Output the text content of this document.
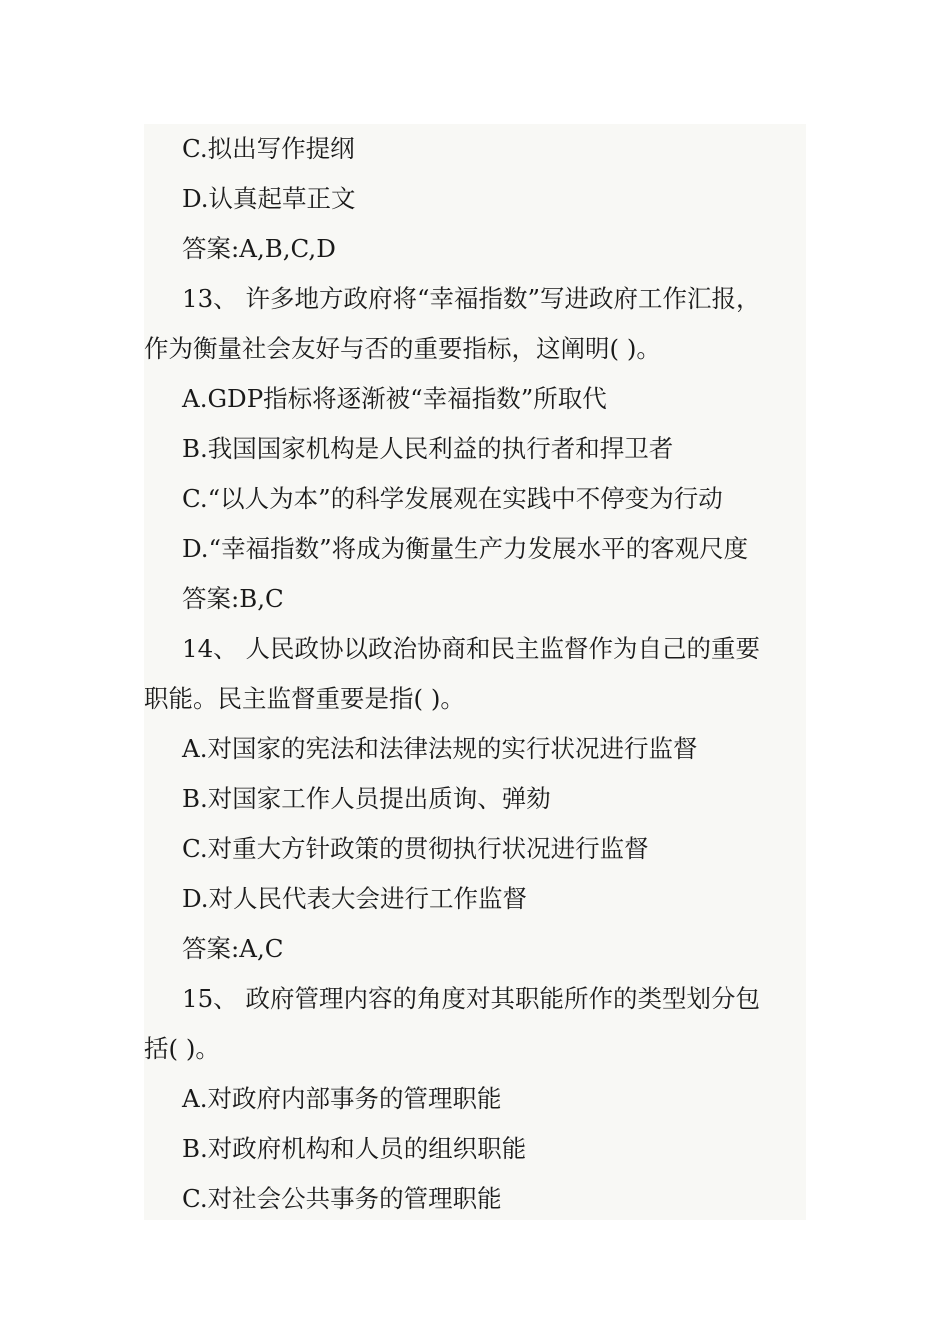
C.拟出写作提纲
D.认真起草正文
答案:A,B,C,D
13、 许多地方政府将“幸福指数”写进政府工作汇报，
作为衡量社会友好与否的重要指标，这阐明( )。
A.GDP指标将逐渐被“幸福指数”所取代
B.我国国家机构是人民利益的执行者和捍卫者
C.“以人为本”的科学发展观在实践中不停变为行动
D.“幸福指数”将成为衡量生产力发展水平的客观尺度
答案:B,C
14、 人民政协以政治协商和民主监督作为自己的重要
职能。民主监督重要是指( )。
A.对国家的宪法和法律法规的实行状况进行监督
B.对国家工作人员提出质询、弹劾
C.对重大方针政策的贯彻执行状况进行监督
D.对人民代表大会进行工作监督
答案:A,C
15、 政府管理内容的角度对其职能所作的类型划分包
括( )。
A.对政府内部事务的管理职能
B.对政府机构和人员的组织职能
C.对社会公共事务的管理职能
